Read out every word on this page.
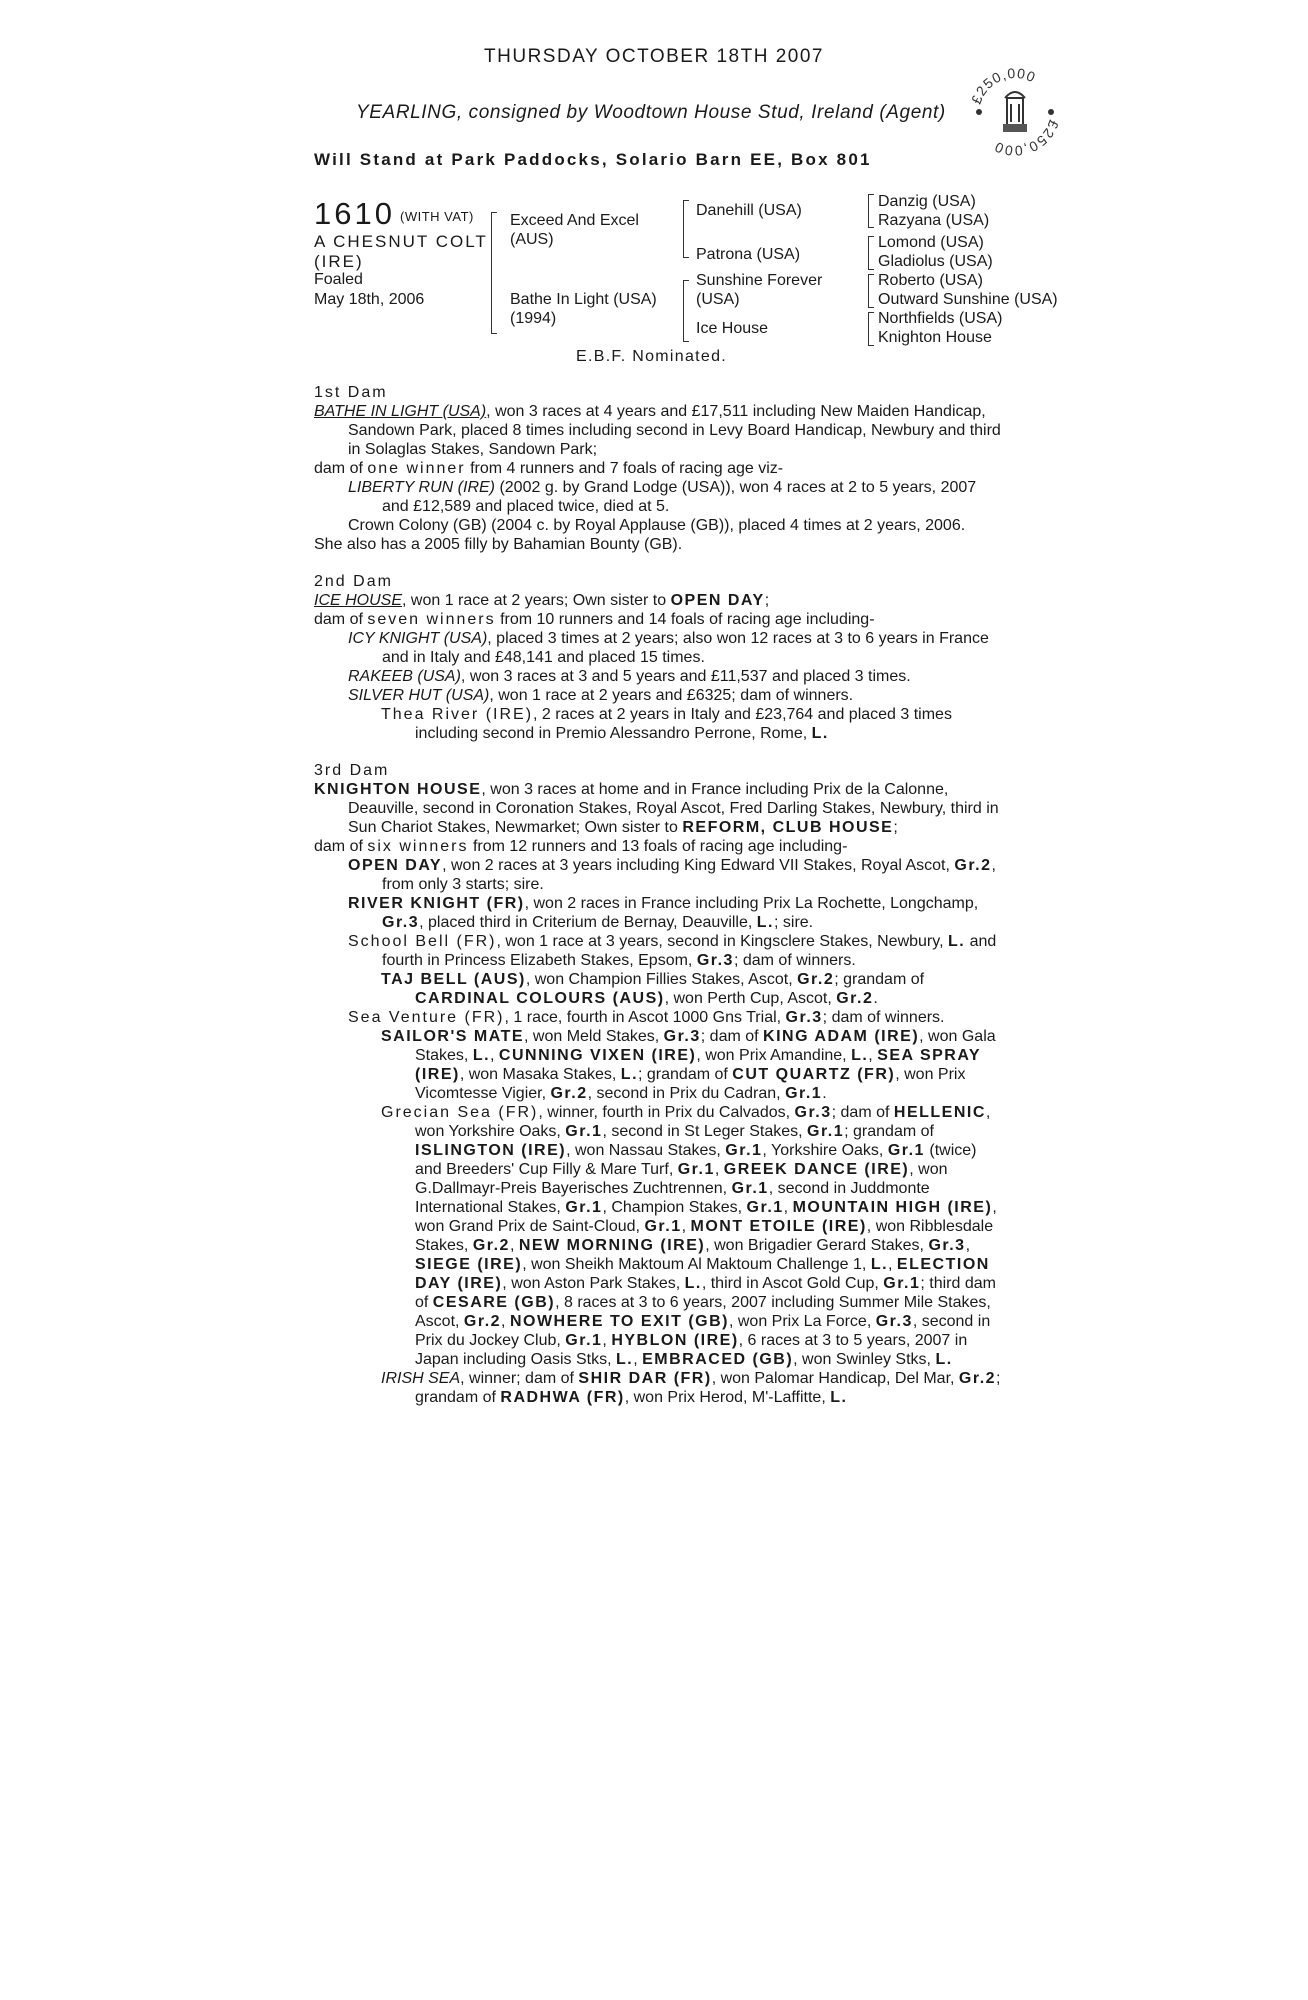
THURSDAY OCTOBER 18TH 2007
YEARLING, consigned by Woodtown House Stud, Ireland (Agent)
Will Stand at Park Paddocks, Solario Barn EE, Box 801
£250,000
£250,000
1610 (WITH VAT)
A CHESNUT COLT
(IRE)
Foaled
May 18th, 2006
Exceed And Excel
(AUS)
Bathe In Light (USA)
(1994)
Danehill (USA)
Patrona (USA)
Sunshine Forever
(USA)
Ice House
Danzig (USA)
Razyana (USA)
Lomond (USA)
Gladiolus (USA)
Roberto (USA)
Outward Sunshine (USA)
Northfields (USA)
Knighton House
E.B.F. Nominated.

1st Dam

BATHE IN LIGHT (USA), won 3 races at 4 years and £17,511 including New Maiden Handicap, Sandown Park, placed 8 times including second in Levy Board Handicap, Newbury and third in Solaglas Stakes, Sandown Park;

dam of one winner from 4 runners and 7 foals of racing age viz-

LIBERTY RUN (IRE) (2002 g. by Grand Lodge (USA)), won 4 races at 2 to 5 years, 2007 and £12,589 and placed twice, died at 5.

Crown Colony (GB) (2004 c. by Royal Applause (GB)), placed 4 times at 2 years, 2006.

She also has a 2005 filly by Bahamian Bounty (GB).

2nd Dam

ICE HOUSE, won 1 race at 2 years; Own sister to OPEN DAY;

dam of seven winners from 10 runners and 14 foals of racing age including-

ICY KNIGHT (USA), placed 3 times at 2 years; also won 12 races at 3 to 6 years in France and in Italy and £48,141 and placed 15 times.

RAKEEB (USA), won 3 races at 3 and 5 years and £11,537 and placed 3 times.

SILVER HUT (USA), won 1 race at 2 years and £6325; dam of winners.

Thea River (IRE), 2 races at 2 years in Italy and £23,764 and placed 3 times including second in Premio Alessandro Perrone, Rome, L.

3rd Dam

KNIGHTON HOUSE, won 3 races at home and in France including Prix de la Calonne, Deauville, second in Coronation Stakes, Royal Ascot, Fred Darling Stakes, Newbury, third in Sun Chariot Stakes, Newmarket; Own sister to REFORM, CLUB HOUSE;

dam of six winners from 12 runners and 13 foals of racing age including-

OPEN DAY, won 2 races at 3 years including King Edward VII Stakes, Royal Ascot, Gr.2, from only 3 starts; sire.

RIVER KNIGHT (FR), won 2 races in France including Prix La Rochette, Longchamp, Gr.3, placed third in Criterium de Bernay, Deauville, L.; sire.

School Bell (FR), won 1 race at 3 years, second in Kingsclere Stakes, Newbury, L. and fourth in Princess Elizabeth Stakes, Epsom, Gr.3; dam of winners.

TAJ BELL (AUS), won Champion Fillies Stakes, Ascot, Gr.2; grandam of CARDINAL COLOURS (AUS), won Perth Cup, Ascot, Gr.2.

Sea Venture (FR), 1 race, fourth in Ascot 1000 Gns Trial, Gr.3; dam of winners.

SAILOR'S MATE, won Meld Stakes, Gr.3; dam of KING ADAM (IRE), won Gala Stakes, L., CUNNING VIXEN (IRE), won Prix Amandine, L., SEA SPRAY (IRE), won Masaka Stakes, L.; grandam of CUT QUARTZ (FR), won Prix Vicomtesse Vigier, Gr.2, second in Prix du Cadran, Gr.1.

Grecian Sea (FR), winner, fourth in Prix du Calvados, Gr.3; dam of HELLENIC, won Yorkshire Oaks, Gr.1, second in St Leger Stakes, Gr.1; grandam of ISLINGTON (IRE), won Nassau Stakes, Gr.1, Yorkshire Oaks, Gr.1 (twice) and Breeders' Cup Filly & Mare Turf, Gr.1, GREEK DANCE (IRE), won G.Dallmayr-Preis Bayerisches Zuchtrennen, Gr.1, second in Juddmonte International Stakes, Gr.1, Champion Stakes, Gr.1, MOUNTAIN HIGH (IRE), won Grand Prix de Saint-Cloud, Gr.1, MONT ETOILE (IRE), won Ribblesdale Stakes, Gr.2, NEW MORNING (IRE), won Brigadier Gerard Stakes, Gr.3, SIEGE (IRE), won Sheikh Maktoum Al Maktoum Challenge 1, L., ELECTION DAY (IRE), won Aston Park Stakes, L., third in Ascot Gold Cup, Gr.1; third dam of CESARE (GB), 8 races at 3 to 6 years, 2007 including Summer Mile Stakes, Ascot, Gr.2, NOWHERE TO EXIT (GB), won Prix La Force, Gr.3, second in Prix du Jockey Club, Gr.1, HYBLON (IRE), 6 races at 3 to 5 years, 2007 in Japan including Oasis Stks, L., EMBRACED (GB), won Swinley Stks, L.

IRISH SEA, winner; dam of SHIR DAR (FR), won Palomar Handicap, Del Mar, Gr.2; grandam of RADHWA (FR), won Prix Herod, M'-Laffitte, L.
